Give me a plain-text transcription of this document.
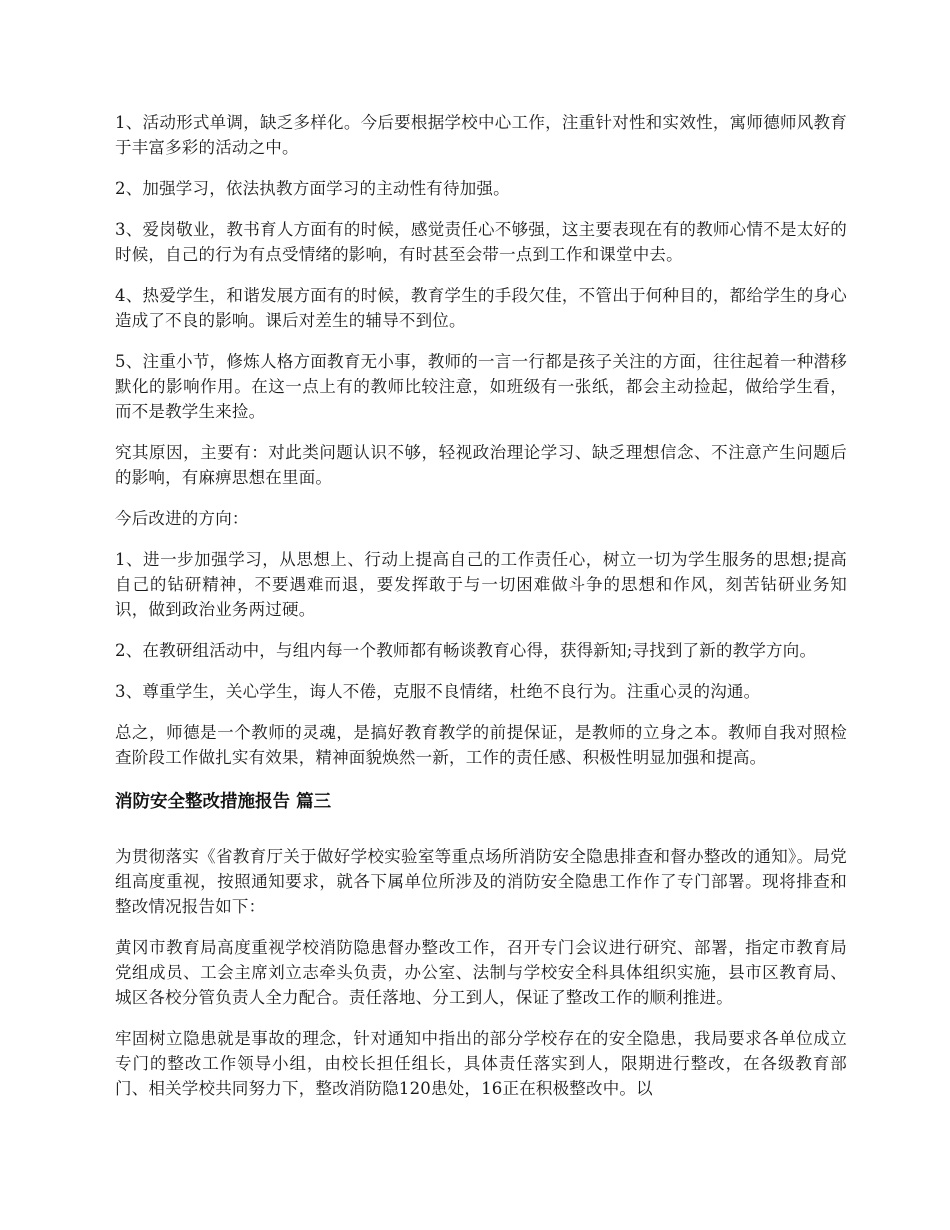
1、活动形式单调，缺乏多样化。今后要根据学校中心工作，注重针对性和实效性，寓师德师风教育于丰富多彩的活动之中。

2、加强学习，依法执教方面学习的主动性有待加强。

3、爱岗敬业，教书育人方面有的时候，感觉责任心不够强，这主要表现在有的教师心情不是太好的时候，自己的行为有点受情绪的影响，有时甚至会带一点到工作和课堂中去。

4、热爱学生，和谐发展方面有的时候，教育学生的手段欠佳，不管出于何种目的，都给学生的身心造成了不良的影响。课后对差生的辅导不到位。

5、注重小节，修炼人格方面教育无小事，教师的一言一行都是孩子关注的方面，往往起着一种潜移默化的影响作用。在这一点上有的教师比较注意，如班级有一张纸，都会主动捡起，做给学生看，而不是教学生来捡。

究其原因，主要有：对此类问题认识不够，轻视政治理论学习、缺乏理想信念、不注意产生问题后的影响，有麻痹思想在里面。

今后改进的方向：

1、进一步加强学习，从思想上、行动上提高自己的工作责任心，树立一切为学生服务的思想;提高自己的钻研精神，不要遇难而退，要发挥敢于与一切困难做斗争的思想和作风，刻苦钻研业务知识，做到政治业务两过硬。

2、在教研组活动中，与组内每一个教师都有畅谈教育心得，获得新知;寻找到了新的教学方向。

3、尊重学生，关心学生，诲人不倦，克服不良情绪，杜绝不良行为。注重心灵的沟通。

总之，师德是一个教师的灵魂，是搞好教育教学的前提保证，是教师的立身之本。教师自我对照检查阶段工作做扎实有效果，精神面貌焕然一新，工作的责任感、积极性明显加强和提高。

消防安全整改措施报告 篇三

为贯彻落实《省教育厅关于做好学校实验室等重点场所消防安全隐患排查和督办整改的通知》。局党组高度重视，按照通知要求，就各下属单位所涉及的消防安全隐患工作作了专门部署。现将排查和整改情况报告如下：

黄冈市教育局高度重视学校消防隐患督办整改工作，召开专门会议进行研究、部署，指定市教育局党组成员、工会主席刘立志牵头负责，办公室、法制与学校安全科具体组织实施，县市区教育局、城区各校分管负责人全力配合。责任落地、分工到人，保证了整改工作的顺利推进。

牢固树立隐患就是事故的理念，针对通知中指出的部分学校存在的安全隐患，我局要求各单位成立专门的整改工作领导小组，由校长担任组长，具体责任落实到人，限期进行整改，在各级教育部门、相关学校共同努力下，整改消防隐120患处，16正在积极整改中。以
